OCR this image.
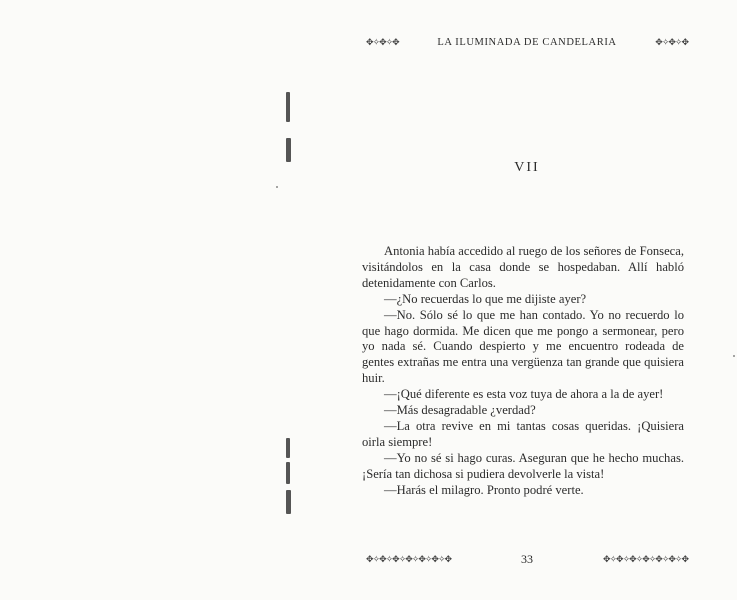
✥✧✥✧✥	LA ILUMINADA DE CANDELARIA	✥✧✥✧✥
VII

Antonia había accedido al ruego de los señores de Fonseca, visitándolos en la casa donde se hospedaban. Allí habló detenidamente con Carlos.

—¿No recuerdas lo que me dijiste ayer?

—No. Sólo sé lo que me han contado. Yo no recuerdo lo que hago dormida. Me dicen que me pongo a sermonear, pero yo nada sé. Cuando despierto y me encuentro rodeada de gentes extrañas me entra una vergüenza tan grande que quisiera huir.

—¡Qué diferente es esta voz tuya de ahora a la de ayer!

—Más desagradable ¿verdad?

—La otra revive en mi tantas cosas queridas. ¡Quisiera oirla siempre!

—Yo no sé si hago curas. Aseguran que he hecho muchas. ¡Sería tan dichosa si pudiera devolverle la vista!

—Harás el milagro. Pronto podré verte.

✥✧✥✧✥✧✥✧✥✧✥✧✥	33	✥✧✥✧✥✧✥✧✥✧✥✧✥
